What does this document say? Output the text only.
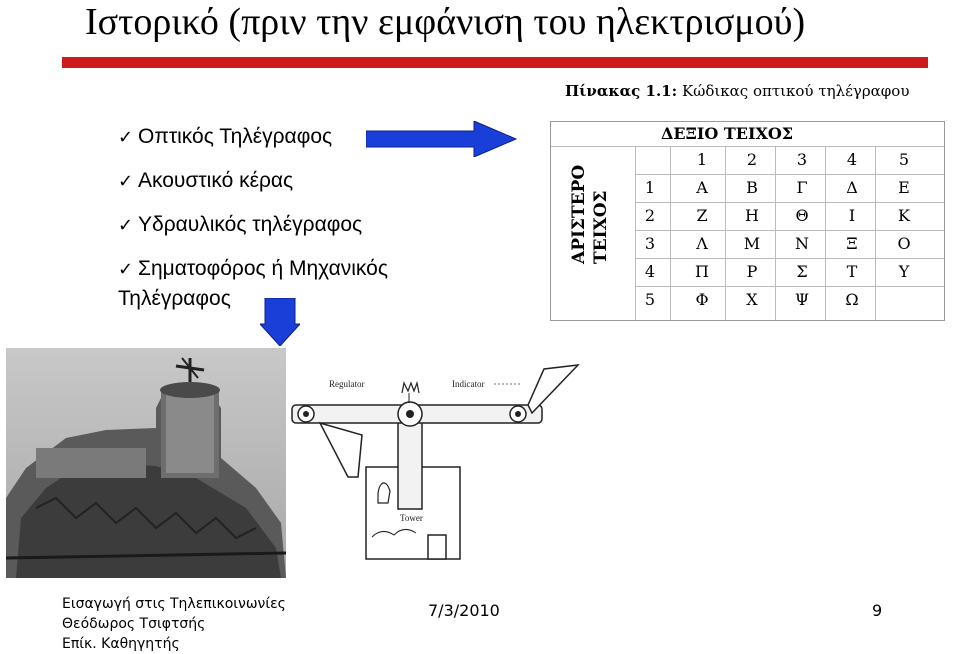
Ιστορικό (πριν την εμφάνιση του ηλεκτρισμού)
✓ Οπτικός Τηλέγραφος
✓ Ακουστικό κέρας
✓ Υδραυλικός τηλέγραφος
✓ Σηματοφόρος ή Μηχανικός
Τηλέγραφος
Πίνακας 1.1: Κώδικας οπτικού τηλέγραφου
ΔΕΞΙΟ ΤΕΙΧΟΣ
ΑΡΙΣΤΕΡΟ ΤΕΙΧΟΣ
1	2	3	4	5
1	Α	Β	Γ	Δ	Ε
2	Ζ	Η	Θ	Ι	Κ
3	Λ	Μ	Ν	Ξ	Ο
4	Π	Ρ	Σ	Τ	Υ
5	Φ	Χ	Ψ	Ω
Regulator	Indicator
Tower
Εισαγωγή στις Τηλεπικοινωνίες
Θεόδωρος Τσιφτσής
Επίκ. Καθηγητής
7/3/2010	9
